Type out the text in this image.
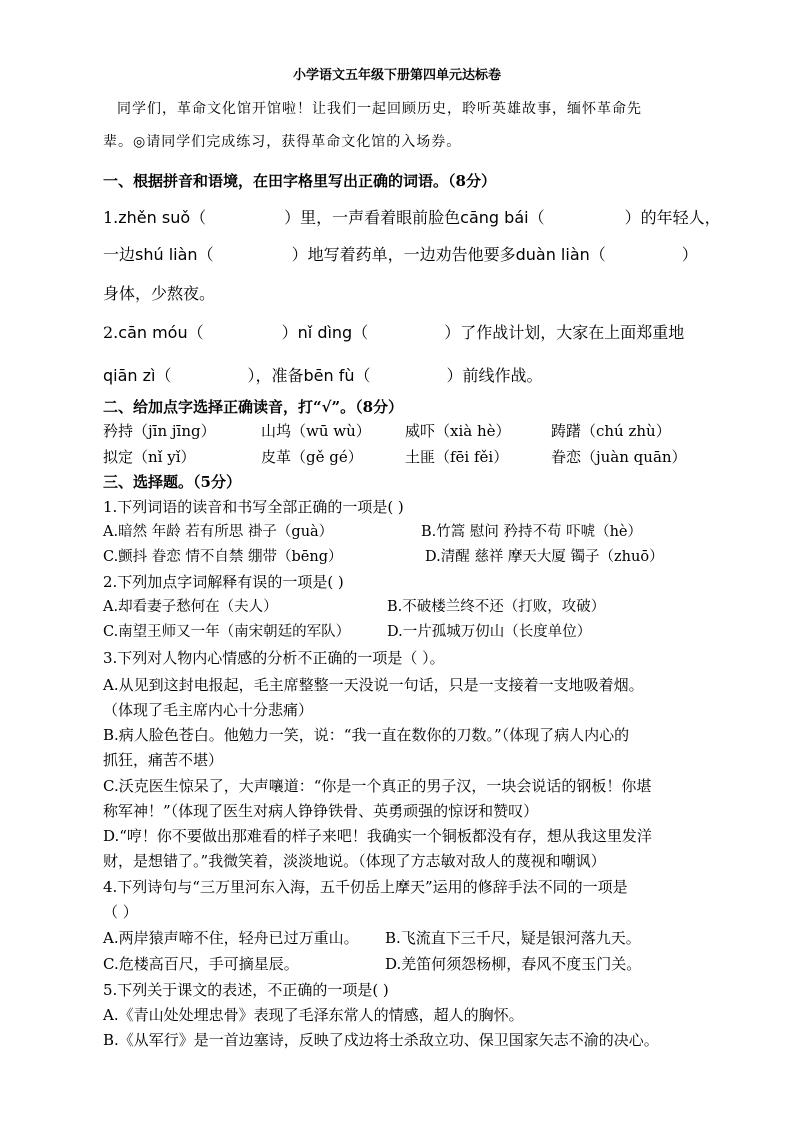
小学语文五年级下册第四单元达标卷
同学们，革命文化馆开馆啦！让我们一起回顾历史，聆听英雄故事，缅怀革命先
辈。◎请同学们完成练习，获得革命文化馆的入场券。
一、根据拼音和语境，在田字格里写出正确的词语。（8分）
1.zhěn suǒ（	）里，一声看着眼前脸色cāng bái（	）的年轻人，
一边shú liàn（	）地写着药单，一边劝告他要多duàn liàn（	）
身体，少熬夜。
2.cān móu（	）nǐ dìng（	）了作战计划，大家在上面郑重地
qiān zì（	），准备bēn fù（	）前线作战。
二、给加点字选择正确读音，打“√”。（8分）
矜持（jīn jīng）	山坞（wū wù） 威吓（xià hè）	踌躇（chú zhù）
拟定（nǐ yǐ）	皮革（gě gé）	土匪（fēi fěi）	眷恋（juàn quān）
三、选择题。（5分）
1.下列词语的读音和书写全部正确的一项是( )
A.暗然 年龄 若有所思 褂子（guà）	B.竹篙 慰问 矜持不苟 吓唬（hè）
C.颤抖 眷恋 情不自禁 绷带（bēng）	D.清醒 慈祥 摩天大厦 镯子（zhuō）
2.下列加点字词解释有误的一项是( )
A.却看妻子愁何在（夫人）	B.不破楼兰终不还（打败，攻破）
C.南望王师又一年（南宋朝廷的军队）	D.一片孤城万仞山（长度单位）
3.下列对人物内心情感的分析不正确的一项是（ ）。
A.从见到这封电报起，毛主席整整一天没说一句话，只是一支接着一支地吸着烟。
（体现了毛主席内心十分悲痛）
B.病人脸色苍白。他勉力一笑，说：“我一直在数你的刀数。”（体现了病人内心的
抓狂，痛苦不堪）
C.沃克医生惊呆了，大声嚷道：“你是一个真正的男子汉，一块会说话的钢板！你堪
称军神！”（体现了医生对病人铮铮铁骨、英勇顽强的惊讶和赞叹）
D.“哼！你不要做出那难看的样子来吧！我确实一个铜板都没有存，想从我这里发洋
财，是想错了。”我微笑着，淡淡地说。（体现了方志敏对敌人的蔑视和嘲讽）
4.下列诗句与“三万里河东入海，五千仞岳上摩天”运用的修辞手法不同的一项是
（ ）
A.两岸猿声啼不住，轻舟已过万重山。 B.飞流直下三千尺，疑是银河落九天。
C.危楼高百尺，手可摘星辰。	D.羌笛何须怨杨柳，春风不度玉门关。
5.下列关于课文的表述，不正确的一项是( )
A.《青山处处埋忠骨》表现了毛泽东常人的情感，超人的胸怀。
B.《从军行》是一首边塞诗，反映了戍边将士杀敌立功、保卫国家矢志不渝的决心。
